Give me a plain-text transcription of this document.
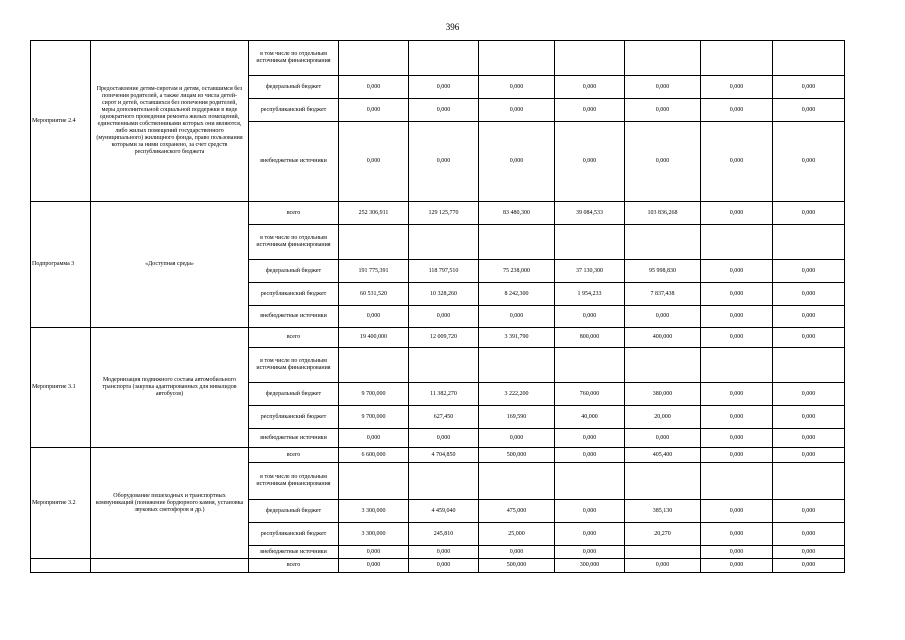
396
Мероприятие 2.4	Предоставление детям-сиротам и детям, оставшимся без попечения родителей, а также лицам из числа детей-сирот и детей, оставшихся без попечения родителей, меры дополнительной социальной поддержки в виде однократного проведения ремонта жилых помещений, единственными собственниками которых они являются, либо жилых помещений государственного (муниципального) жилищного фонда, право пользования которыми за ними сохранено, за счет средств республиканского бюджета	в том числе по отдельным источникам финансирования							
		федеральный бюджет	0,000	0,000	0,000	0,000	0,000	0,000	0,000
		республиканский бюджет	0,000	0,000	0,000	0,000	0,000	0,000	0,000
		внебюджетные источники	0,000	0,000	0,000	0,000	0,000	0,000	0,000
Подпрограмма 3	«Доступная среда»	всего	252 306,911	129 125,770	83 480,300	39 084,533	103 836,268	0,000	0,000
		в том числе по отдельным источникам финансирования							
		федеральный бюджет	191 775,391	118 797,510	75 238,000	37 130,300	95 998,830	0,000	0,000
		республиканский бюджет	60 531,520	10 328,260	8 242,300	1 954,233	7 837,438	0,000	0,000
		внебюджетные источники	0,000	0,000	0,000	0,000	0,000	0,000	0,000
Мероприятие 3.1	Модернизация подвижного состава автомобильного транспорта (закупка адаптированных для инвалидов автобусов)	всего	19 400,000	12 009,720	3 391,790	800,000	400,000	0,000	0,000
		в том числе по отдельным источникам финансирования							
		федеральный бюджет	9 700,000	11 382,270	3 222,200	760,000	380,000	0,000	0,000
		республиканский бюджет	9 700,000	627,450	169,590	40,000	20,000	0,000	0,000
		внебюджетные источники	0,000	0,000	0,000	0,000	0,000	0,000	0,000
Мероприятие 3.2	Оборудование пешеходных и транспортных коммуникаций (понижение бордюрного камня, установка звуковых светофоров и др.)	всего	6 600,000	4 704,850	500,000	0,000	405,400	0,000	0,000
		в том числе по отдельным источникам финансирования							
		федеральный бюджет	3 300,000	4 459,040	475,000	0,000	385,130	0,000	0,000
		республиканский бюджет	3 300,000	245,810	25,000	0,000	20,270	0,000	0,000
		внебюджетные источники	0,000	0,000	0,000	0,000		0,000	0,000
		всего	0,000	0,000	500,000	300,000	0,000	0,000	0,000
